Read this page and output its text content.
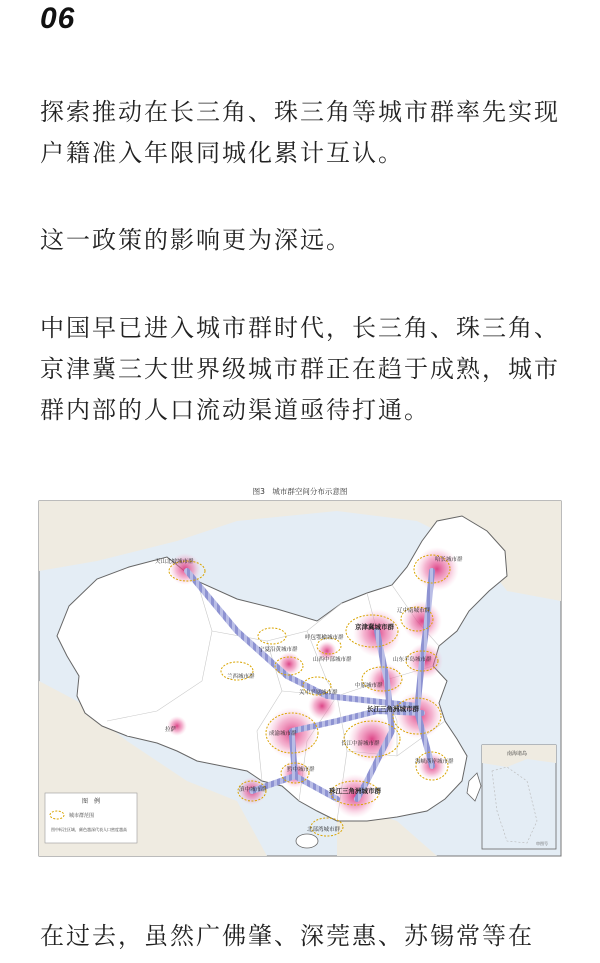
06

探索推动在长三角、珠三角等城市群率先实现户籍准入年限同城化累计互认。

这一政策的影响更为深远。

中国早已进入城市群时代，长三角、珠三角、京津冀三大世界级城市群正在趋于成熟，城市群内部的人口流动渠道亟待打通。

图3　城市群空间分布示意图
天山北坡城市群
呼包鄂榆城市群
京津冀城市群
宁夏沿黄城市群
山西中部城市群
辽中南城市群
哈长城市群
山东半岛城市群
兰西城市群
关中平原城市群
中原城市群
长江三角洲城市群
成渝城市群
长江中游城市群
海峡西岸城市群
黔中城市群
滇中城市群	珠江三角洲城市群
北部湾城市群
拉萨
图　例
城市群范围
图中标注区域，颜色越深代表人口密度越高
南海诸岛
审图号

在过去，虽然广佛肇、深莞惠、苏锡常等在
